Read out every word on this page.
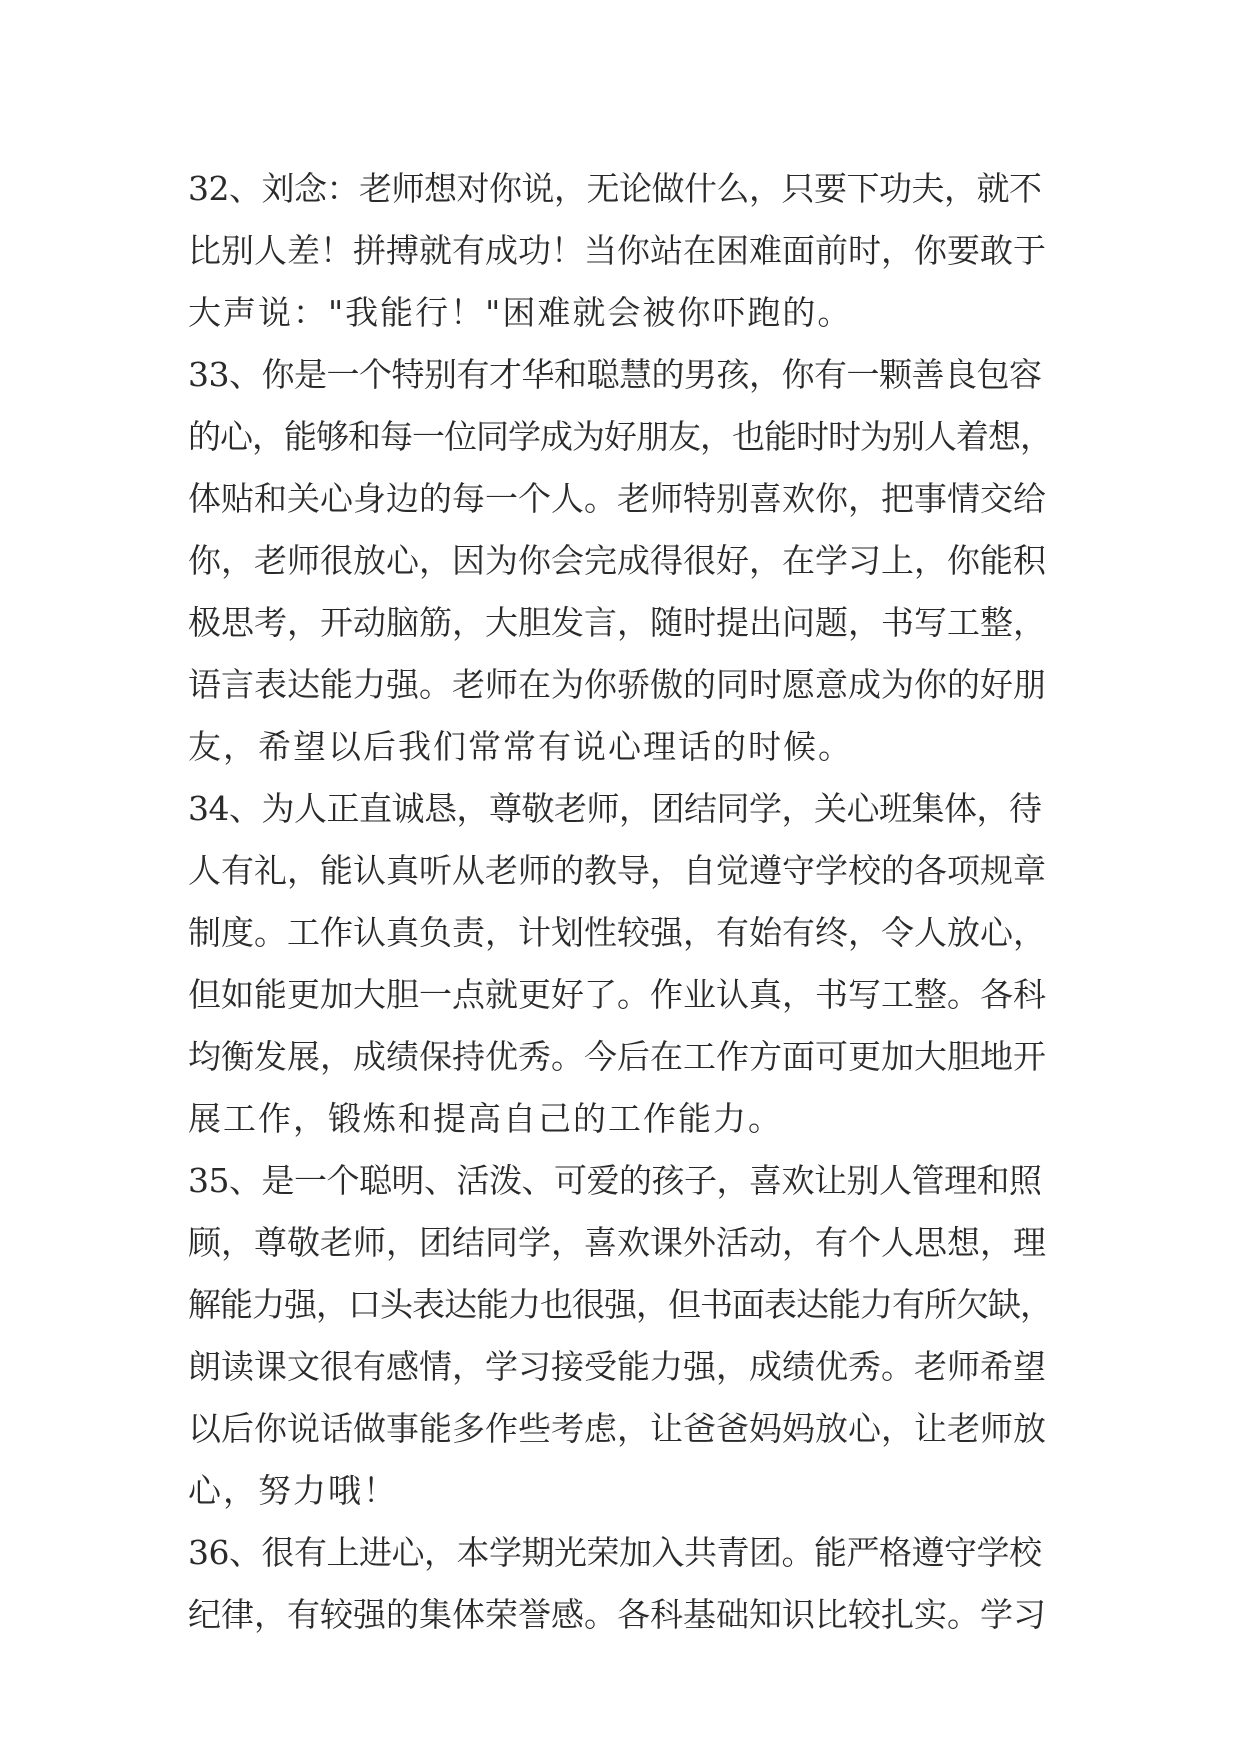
32、刘念：老师想对你说，无论做什么，只要下功夫，就不
比别人差！拼搏就有成功！当你站在困难面前时，你要敢于
大声说："我能行！"困难就会被你吓跑的。
33、你是一个特别有才华和聪慧的男孩，你有一颗善良包容
的心，能够和每一位同学成为好朋友，也能时时为别人着想，
体贴和关心身边的每一个人。老师特别喜欢你，把事情交给
你，老师很放心，因为你会完成得很好，在学习上，你能积
极思考，开动脑筋，大胆发言，随时提出问题，书写工整，
语言表达能力强。老师在为你骄傲的同时愿意成为你的好朋
友，希望以后我们常常有说心理话的时候。
34、为人正直诚恳，尊敬老师，团结同学，关心班集体，待
人有礼，能认真听从老师的教导，自觉遵守学校的各项规章
制度。工作认真负责，计划性较强，有始有终，令人放心，
但如能更加大胆一点就更好了。作业认真，书写工整。各科
均衡发展，成绩保持优秀。今后在工作方面可更加大胆地开
展工作，锻炼和提高自己的工作能力。
35、是一个聪明、活泼、可爱的孩子，喜欢让别人管理和照
顾，尊敬老师，团结同学，喜欢课外活动，有个人思想，理
解能力强，口头表达能力也很强，但书面表达能力有所欠缺，
朗读课文很有感情，学习接受能力强，成绩优秀。老师希望
以后你说话做事能多作些考虑，让爸爸妈妈放心，让老师放
心，努力哦！
36、很有上进心，本学期光荣加入共青团。能严格遵守学校
纪律，有较强的集体荣誉感。各科基础知识比较扎实。学习
